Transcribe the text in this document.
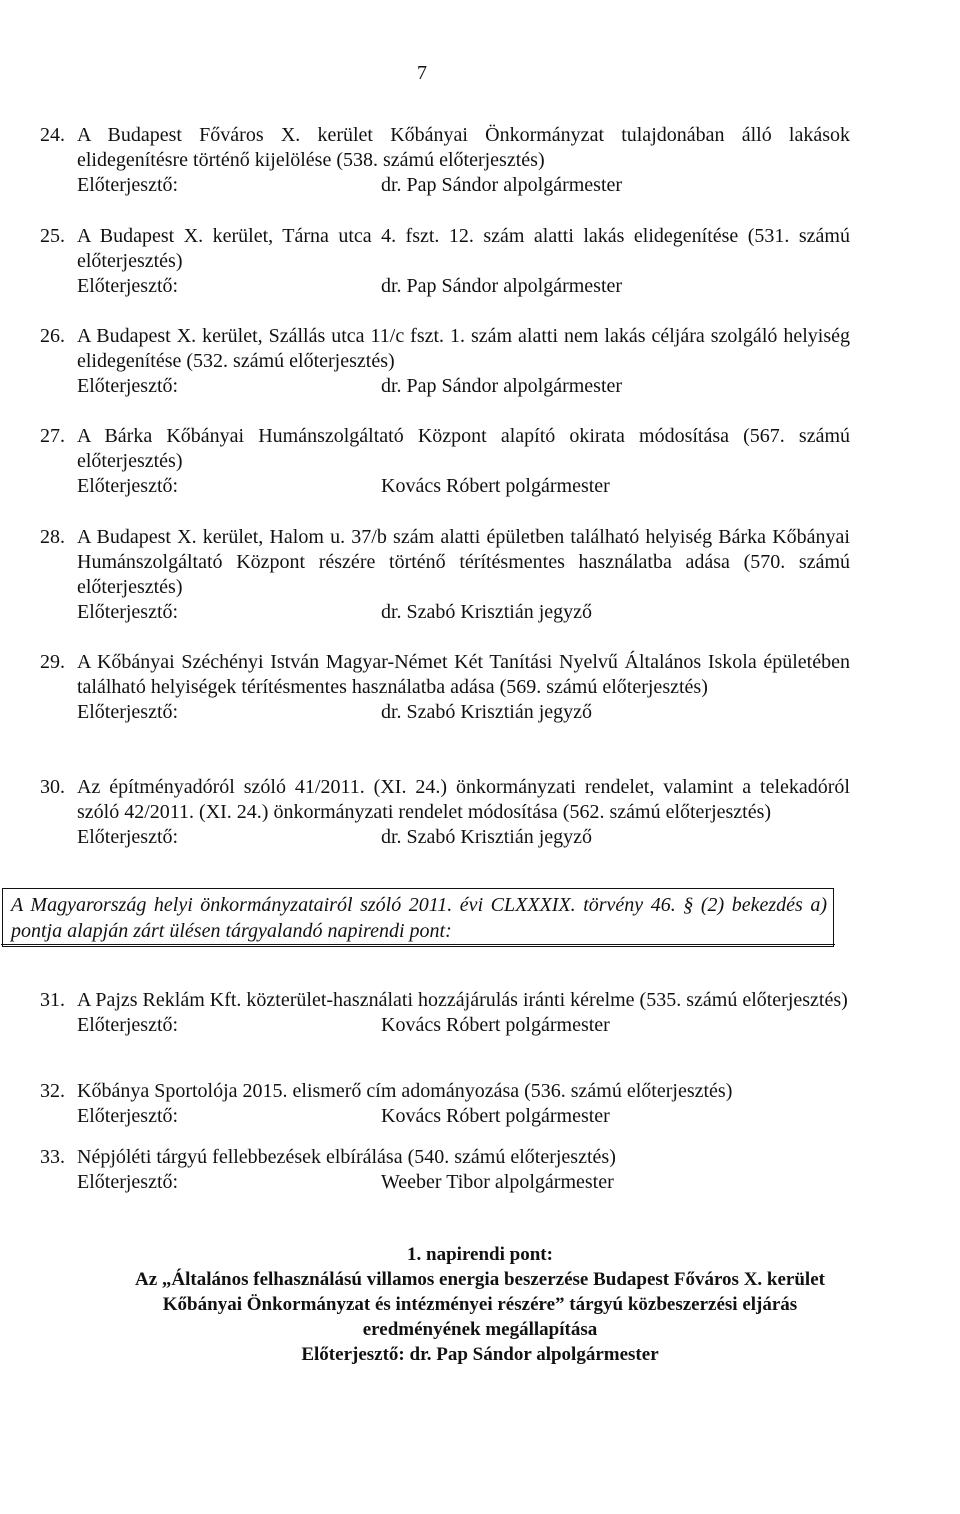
7
24. A Budapest Főváros X. kerület Kőbányai Önkormányzat tulajdonában álló lakások elidegenítésre történő kijelölése (538. számú előterjesztés)
Előterjesztő:	dr. Pap Sándor alpolgármester
25. A Budapest X. kerület, Tárna utca 4. fszt. 12. szám alatti lakás elidegenítése (531. számú előterjesztés)
Előterjesztő:	dr. Pap Sándor alpolgármester
26. A Budapest X. kerület, Szállás utca 11/c fszt. 1. szám alatti nem lakás céljára szolgáló helyiség elidegenítése (532. számú előterjesztés)
Előterjesztő:	dr. Pap Sándor alpolgármester
27. A Bárka Kőbányai Humánszolgáltató Központ alapító okirata módosítása (567. számú előterjesztés)
Előterjesztő:	Kovács Róbert polgármester
28. A Budapest X. kerület, Halom u. 37/b szám alatti épületben található helyiség Bárka Kőbányai Humánszolgáltató Központ részére történő térítésmentes használatba adása (570. számú előterjesztés)
Előterjesztő:	dr. Szabó Krisztián jegyző
29. A Kőbányai Széchényi István Magyar-Német Két Tanítási Nyelvű Általános Iskola épületében található helyiségek térítésmentes használatba adása (569. számú előterjesztés)
Előterjesztő:	dr. Szabó Krisztián jegyző
30. Az építményadóról szóló 41/2011. (XI. 24.) önkormányzati rendelet, valamint a telekadóról szóló 42/2011. (XI. 24.) önkormányzati rendelet módosítása (562. számú előterjesztés)
Előterjesztő:	dr. Szabó Krisztián jegyző
A Magyarország helyi önkormányzatairól szóló 2011. évi CLXXXIX. törvény 46. § (2) bekezdés a) pontja alapján zárt ülésen tárgyalandó napirendi pont:
31. A Pajzs Reklám Kft. közterület-használati hozzájárulás iránti kérelme (535. számú előterjesztés)
Előterjesztő:	Kovács Róbert polgármester
32. Kőbánya Sportolója 2015. elismerő cím adományozása (536. számú előterjesztés)
Előterjesztő:	Kovács Róbert polgármester
33. Népjóléti tárgyú fellebbezések elbírálása (540. számú előterjesztés)
Előterjesztő:	Weeber Tibor alpolgármester
1. napirendi pont:
Az „Általános felhasználású villamos energia beszerzése Budapest Főváros X. kerület
Kőbányai Önkormányzat és intézményei részére” tárgyú közbeszerzési eljárás
eredményének megállapítása
Előterjesztő: dr. Pap Sándor alpolgármester
